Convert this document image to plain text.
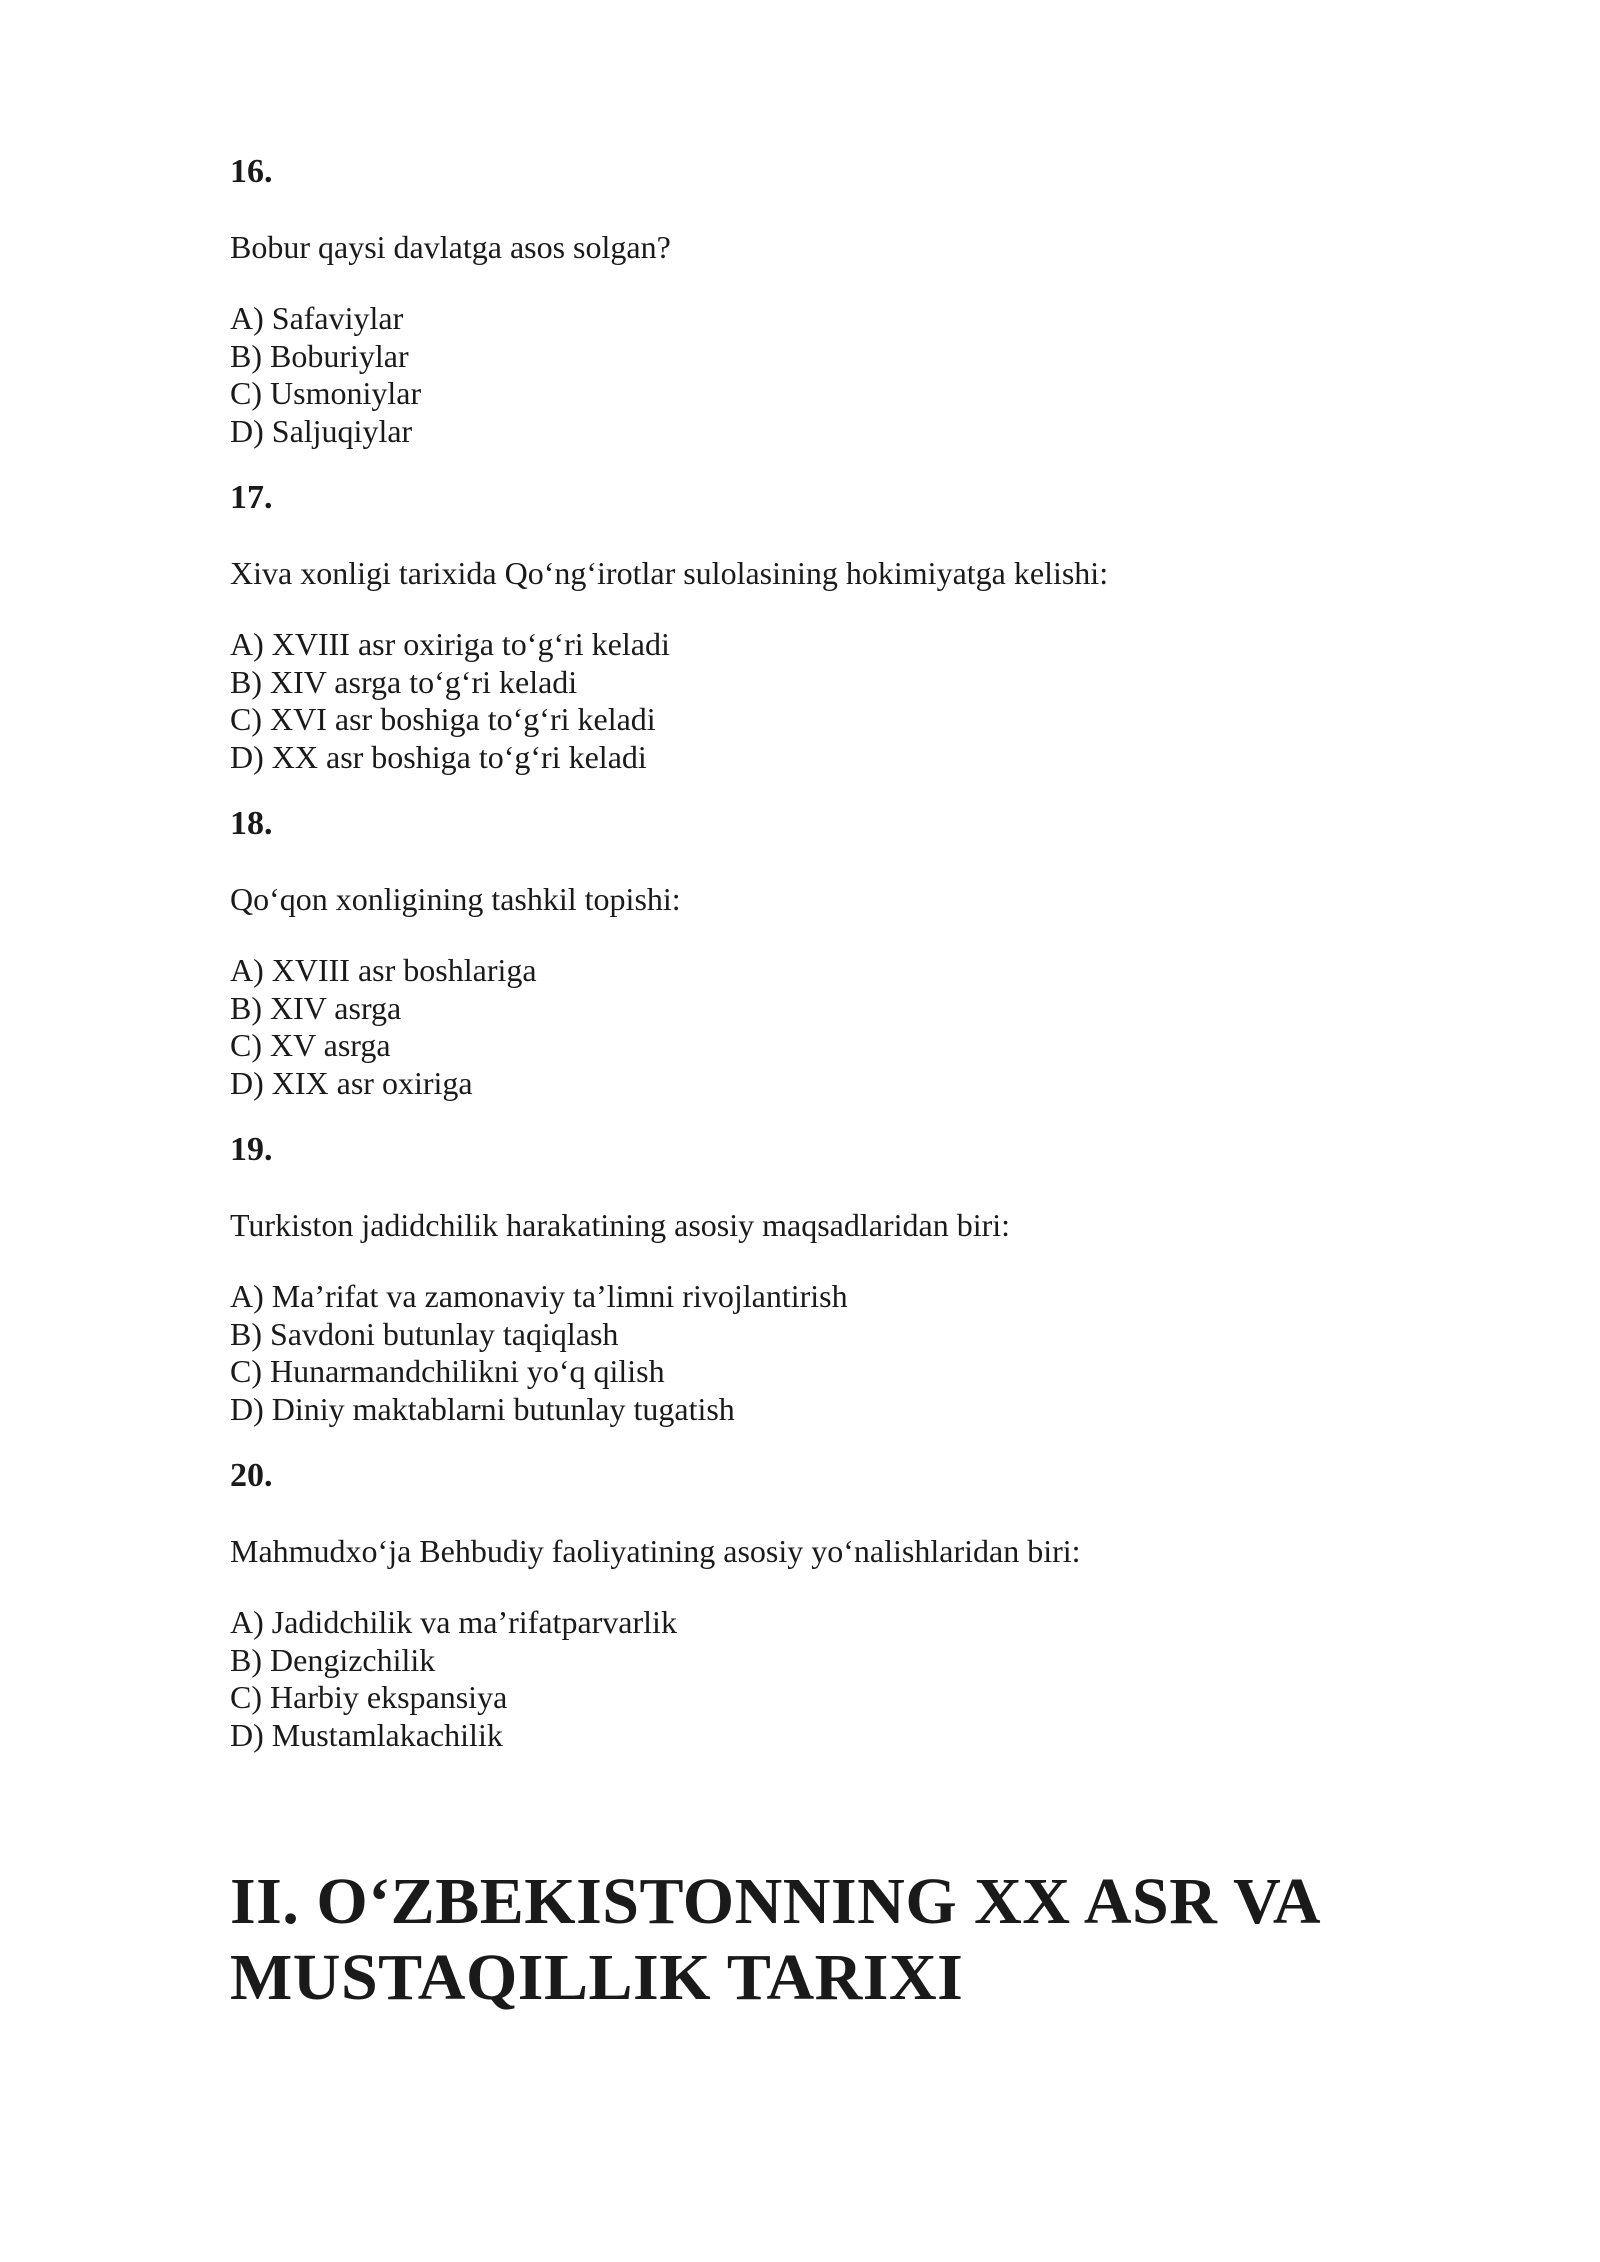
16.
Bobur qaysi davlatga asos solgan?
A) Safaviylar
B) Boburiylar
C) Usmoniylar
D) Saljuqiylar
17.
Xiva xonligi tarixida Qo‘ng‘irotlar sulolasining hokimiyatga kelishi:
A) XVIII asr oxiriga to‘g‘ri keladi
B) XIV asrga to‘g‘ri keladi
C) XVI asr boshiga to‘g‘ri keladi
D) XX asr boshiga to‘g‘ri keladi
18.
Qo‘qon xonligining tashkil topishi:
A) XVIII asr boshlariga
B) XIV asrga
C) XV asrga
D) XIX asr oxiriga
19.
Turkiston jadidchilik harakatining asosiy maqsadlaridan biri:
A) Ma’rifat va zamonaviy ta’limni rivojlantirish
B) Savdoni butunlay taqiqlash
C) Hunarmandchilikni yo‘q qilish
D) Diniy maktablarni butunlay tugatish
20.
Mahmudxo‘ja Behbudiy faoliyatining asosiy yo‘nalishlaridan biri:
A) Jadidchilik va ma’rifatparvarlik
B) Dengizchilik
C) Harbiy ekspansiya
D) Mustamlakachilik
II. O‘ZBEKISTONNING XX ASR VA
MUSTAQILLIK TARIXI
